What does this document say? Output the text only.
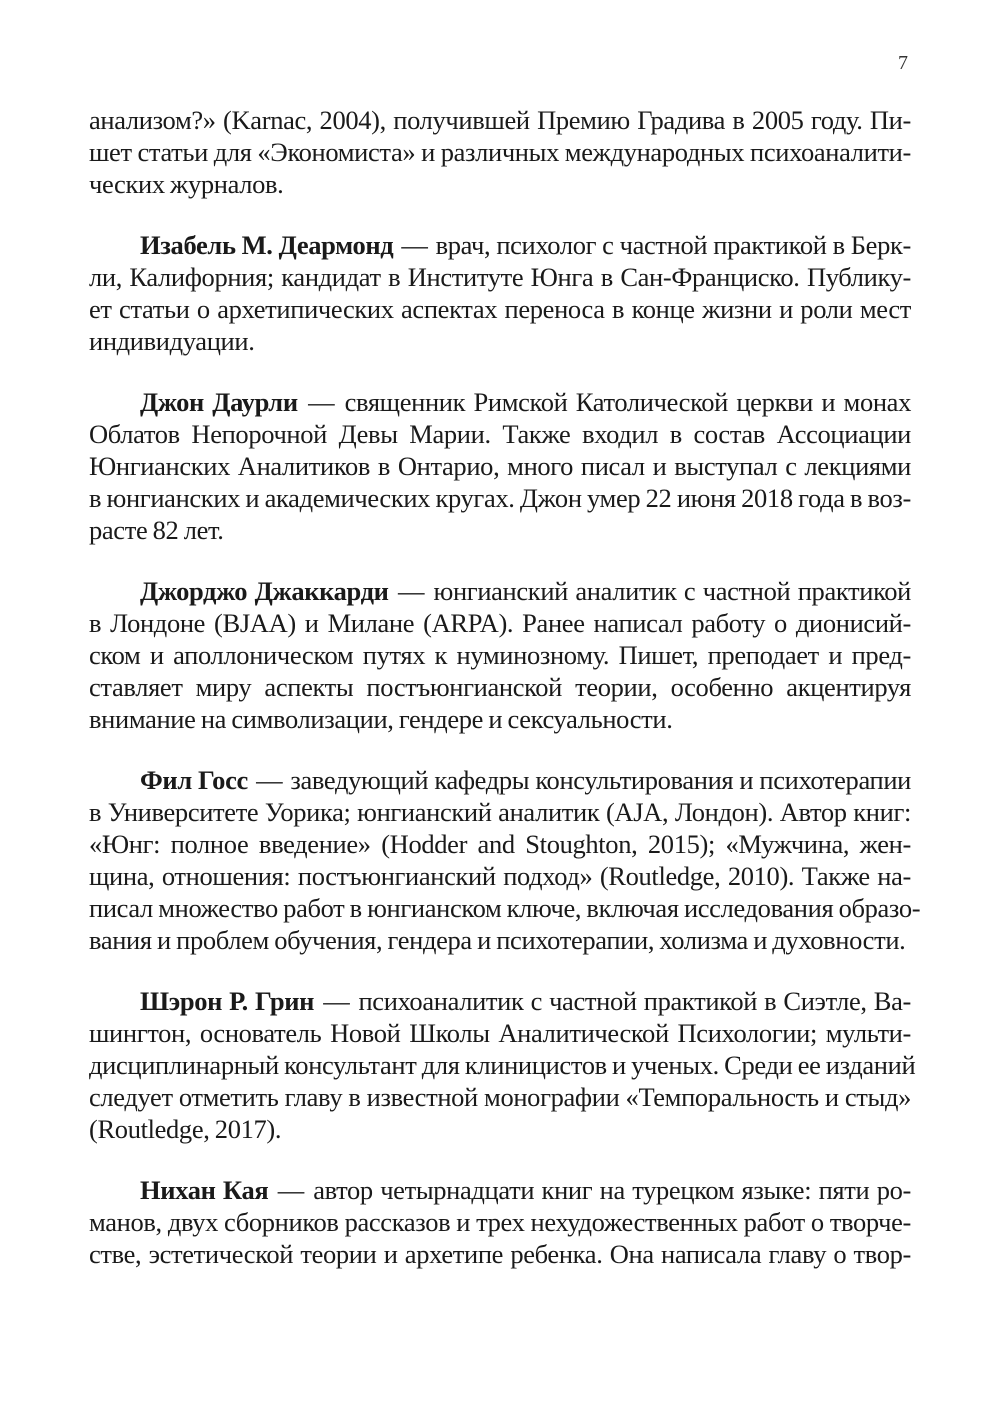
7

анализом?» (Karnac, 2004), получившей Премию Градива в 2005 году. Пи-
шет статьи для «Экономиста» и различных международных психоаналити-
ческих журналов.

Изабель М. Деармонд — врач, психолог с частной практикой в Берк-
ли, Калифорния; кандидат в Институте Юнга в Сан-Франциско. Публику-
ет статьи о архетипических аспектах переноса в конце жизни и роли мест
индивидуации.

Джон Даурли — священник Римской Католической церкви и монах
Облатов Непорочной Девы Марии. Также входил в состав Ассоциации
Юнгианских Аналитиков в Онтарио, много писал и выступал с лекциями
в юнгианских и академических кругах. Джон умер 22 июня 2018 года в воз-
расте 82 лет.

Джорджо Джаккарди — юнгианский аналитик с частной практикой
в Лондоне (BJAA) и Милане (ARPA). Ранее написал работу о дионисий-
ском и аполлоническом путях к нуминозному. Пишет, преподает и пред-
ставляет миру аспекты постъюнгианской теории, особенно акцентируя
внимание на символизации, гендере и сексуальности.

Фил Госс — заведующий кафедры консультирования и психотерапии
в Университете Уорика; юнгианский аналитик (AJA, Лондон). Автор книг:
«Юнг: полное введение» (Hodder and Stoughton, 2015); «Мужчина, жен-
щина, отношения: постъюнгианский подход» (Routledge, 2010). Также на-
писал множество работ в юнгианском ключе, включая исследования образо-
вания и проблем обучения, гендера и психотерапии, холизма и духовности.

Шэрон Р. Грин — психоаналитик с частной практикой в Сиэтле, Ва-
шингтон, основатель Новой Школы Аналитической Психологии; мульти-
дисциплинарный консультант для клиницистов и ученых. Среди ее изданий
следует отметить главу в известной монографии «Темпоральность и стыд»
(Routledge, 2017).

Нихан Кая — автор четырнадцати книг на турецком языке: пяти ро-
манов, двух сборников рассказов и трех нехудожественных работ о творче-
стве, эстетической теории и архетипе ребенка. Она написала главу о твор-
